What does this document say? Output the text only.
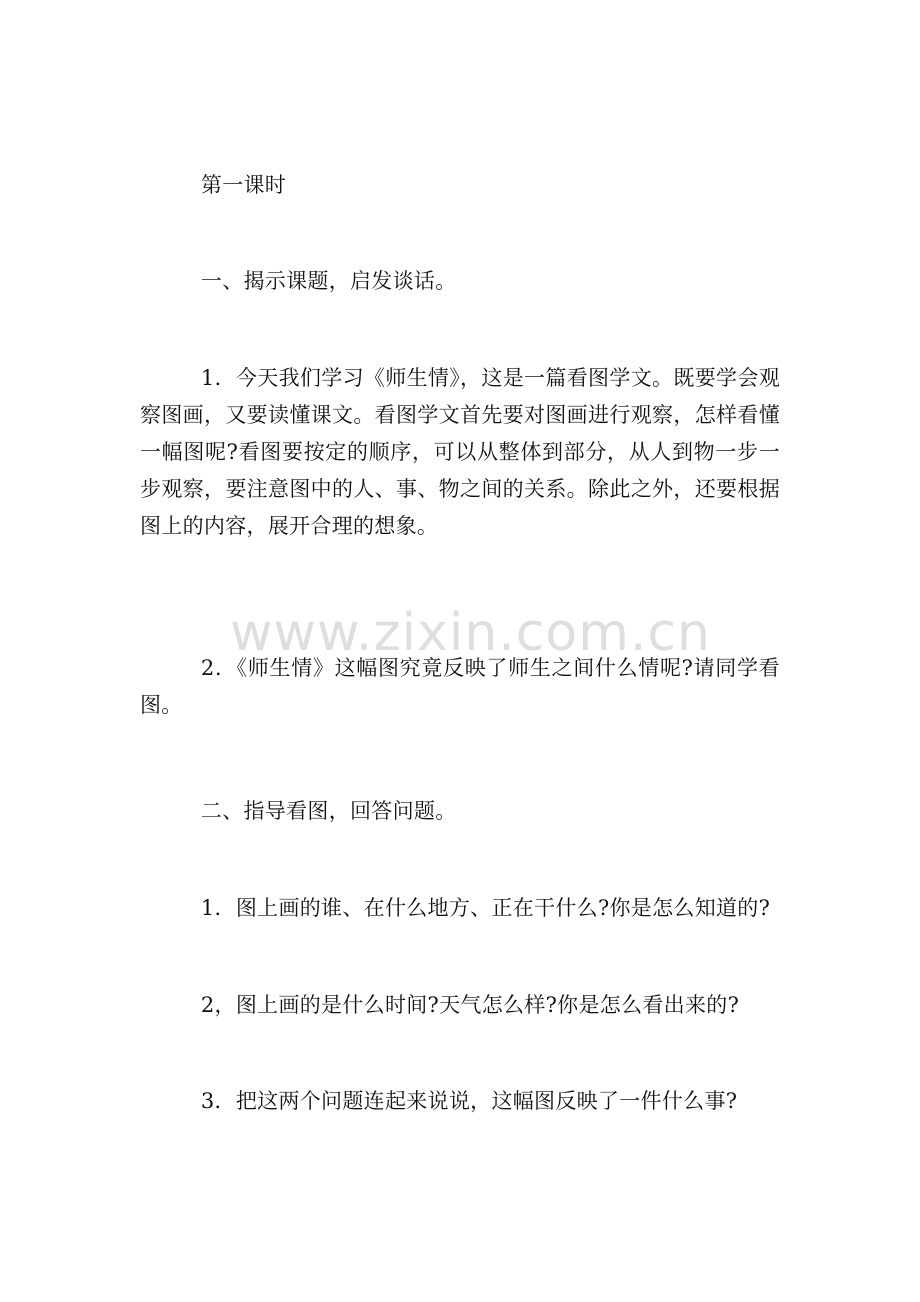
第一课时

一、揭示课题，启发谈话。

1．今天我们学习《师生情》，这是一篇看图学文。既要学会观察图画，又要读懂课文。看图学文首先要对图画进行观察，怎样看懂一幅图呢?看图要按定的顺序，可以从整体到部分，从人到物一步一步观察，要注意图中的人、事、物之间的关系。除此之外，还要根据图上的内容，展开合理的想象。

2．《师生情》这幅图究竟反映了师生之间什么情呢?请同学看图。

二、指导看图，回答问题。

1．图上画的谁、在什么地方、正在干什么?你是怎么知道的?

2，图上画的是什么时间?天气怎么样?你是怎么看出来的?

3．把这两个问题连起来说说，这幅图反映了一件什么事?

www.zixin.com.cn
